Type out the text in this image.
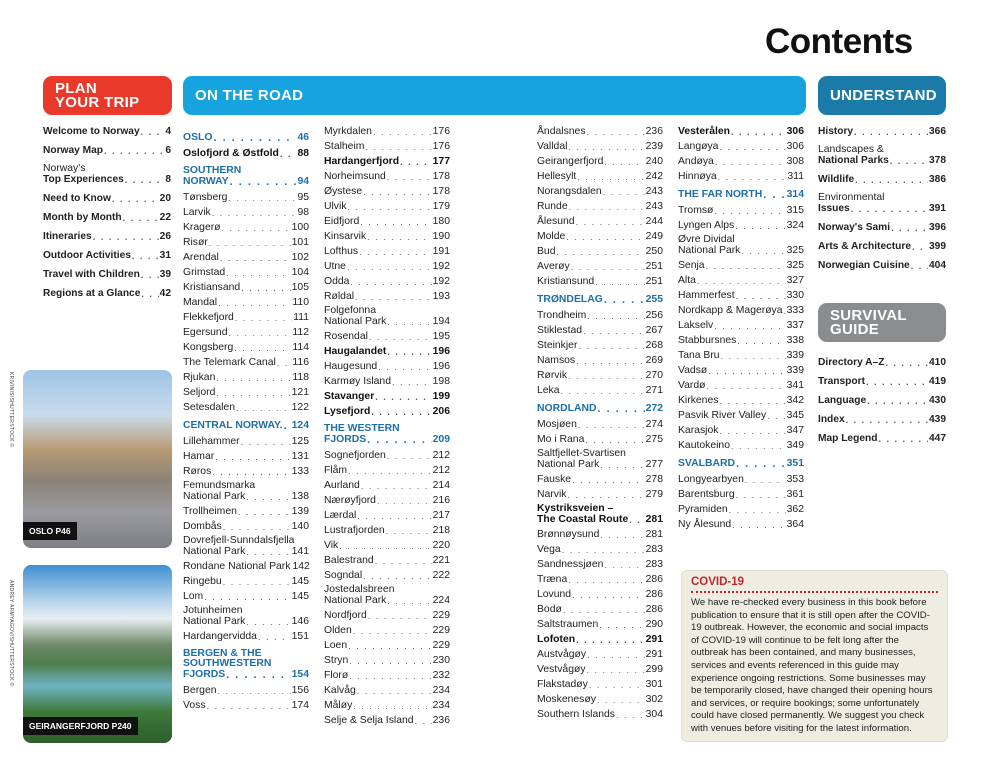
Contents
PLAN
YOUR TRIP	ON THE ROAD	UNDERSTAND
SURVIVAL
GUIDE
Welcome to Norway . . .	4
Norway Map . . .	6
Norway's
Top Experiences . . .	8
Need to Know . . .	20
Month by Month . . .	22
Itineraries . . .	26
Outdoor Activities . . .	31
Travel with Children . . . 39
Regions at a Glance . . . 42
OSLO . . .	46
Oslofjord & Østfold . . . 88
SOUTHERN
NORWAY . . .	94
Tønsberg . . .	95
Larvik . . .	98
Kragerø . . .	100
Risør . . .	101
Arendal . . .	102
Grimstad . . .	104
Kristiansand . . .	105
Mandal . . .	110
Flekkefjord . . .	111
Egersund . . .	112
Kongsberg . . .	114
The Telemark Canal . . . 116
Rjukan . . .	118
Seljord . . .	121
Setesdalen . . .	122
CENTRAL NORWAY. . . . 124
Lillehammer . . .	125
Hamar . . .	131
Røros . . .	133
Femundsmarka
National Park . . .	138
Trollheimen . . .	139
Dombås . . .	140
Dovrefjell-Sunndalsfjella
National Park . . .	141
Rondane National Park 142
Ringebu . . .	145
Lom . . .	145
Jotunheimen
National Park . . .	146
Hardangervidda . . .	151
BERGEN & THE
SOUTHWESTERN
FJORDS . . .	154
Bergen . . .	156
Voss . . .	174
Myrkdalen . . .	176
Stalheim . . .	176
Hardangerfjord . . .	177
Norheimsund . . .	178
Øystese . . .	178
Ulvik . . .	179
Eidfjord . . .	180
Kinsarvik . . .	190
Lofthus . . .	191
Utne . . .	192
Odda . . .	192
Røldal . . .	193
Folgefonna
National Park . . .	194
Rosendal . . .	195
Haugalandet . . .	196
Haugesund . . .	196
Karmøy Island . . .	198
Stavanger . . .	199
Lysefjord . . .	206
THE WESTERN
FJORDS . . .	209
Sognefjorden . . .	212
Flåm . . .	212
Aurland . . .	214
Nærøyfjord . . .	216
Lærdal . . .	217
Lustrafjorden . . .	218
Vik . . .	220
Balestrand . . .	221
Sogndal . . .	222
Jostedalsbreen
National Park . . .	224
Nordfjord . . .	229
Olden . . .	229
Loen . . .	229
Stryn . . .	230
Florø . . .	232
Kalvåg . . .	234
Måløy . . .	234
Selje & Selja Island . . . 236
Åndalsnes . . .	236
Valldal . . .	239
Geirangerfjord . . .	240
Hellesylt . . .	242
Norangsdalen . . .	243
Runde . . .	243
Ålesund . . .	244
Molde . . .	249
Bud . . .	250
Averøy . . .	251
Kristiansund . . .	251
TRØNDELAG . . .	255
Trondheim . . .	256
Stiklestad . . .	267
Steinkjer . . .	268
Namsos . . .	269
Rørvik . . .	270
Leka . . .	271
NORDLAND . . .	272
Mosjøen . . .	274
Mo i Rana . . .	275
Saltfjellet-Svartisen
National Park . . .	277
Fauske . . .	278
Narvik . . .	279
Kystriksveien –
The Coastal Route . . . 281
Brønnøysund . . .	281
Vega . . .	283
Sandnessjøen . . .	283
Træna . . .	286
Lovund . . .	286
Bodø . . .	286
Saltstraumen . . .	290
Lofoten . . .	291
Austvågøy . . .	291
Vestvågøy . . .	299
Flakstadøy . . .	301
Moskenesøy . . .	302
Southern Islands . . .	304
Vesterålen . . .	306
Langøya . . .	306
Andøya . . .	308
Hinnøya . . .	311
THE FAR NORTH . . . 314
Tromsø . . .	315
Lyngen Alps . . .	324
Øvre Dividal
National Park . . .	325
Senja . . .	325
Alta . . .	327
Hammerfest . . .	330
Nordkapp & Magerøya . . . 333
Lakselv . . .	337
Stabbursnes . . .	338
Tana Bru . . .	339
Vadsø . . .	339
Vardø . . .	341
Kirkenes . . .	342
Pasvik River Valley . . . 345
Karasjok . . .	347
Kautokeino . . .	349
SVALBARD . . .	351
Longyearbyen . . .	353
Barentsburg . . .	361
Pyramiden . . .	362
Ny Ålesund . . .	364
History . . .	366
Landscapes &
National Parks . . .	378
Wildlife . . .	386
Environmental
Issues . . .	391
Norway's Sami . . .	396
Arts & Architecture . . . 399
Norwegian Cuisine . . . 404
Directory A–Z . . .	410
Transport . . .	419
Language . . .	430
Index . . .	439
Map Legend . . .	447
OSLO P46
KRIVINIS/SHUTTERSTOCK ©
GEIRANGERFJORD P240
ANDREY ARMYAGOV/SHUTTERSTOCK ©	COVID-19

We have re-checked every business in this book before publication to ensure that it is still open after the COVID-19 outbreak. However, the economic and social impacts of COVID-19 will continue to be felt long after the outbreak has been contained, and many businesses, services and events referenced in this guide may experience ongoing restrictions. Some businesses may be temporarily closed, have changed their opening hours and services, or require bookings; some unfortunately could have closed permanently. We suggest you check with venues before visiting for the latest information.
